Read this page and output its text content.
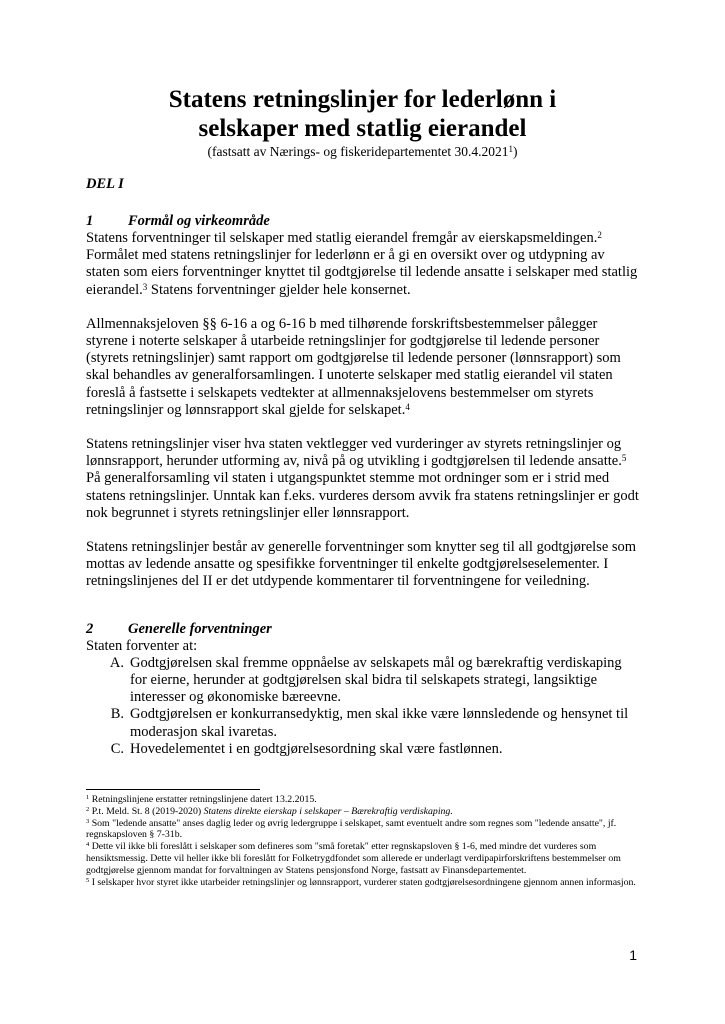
Statens retningslinjer for lederlønn i
selskaper med statlig eierandel
(fastsatt av Nærings- og fiskeridepartementet 30.4.2021$^1$)
DEL I
1	Formål og virkeområde

Statens forventninger til selskaper med statlig eierandel fremgår av eierskapsmeldingen.$^2$ Formålet med statens retningslinjer for lederlønn er å gi en oversikt over og utdypning av staten som eiers forventninger knyttet til godtgjørelse til ledende ansatte i selskaper med statlig eierandel.$^3$ Statens forventninger gjelder hele konsernet.

Allmennaksjeloven §§ 6-16 a og 6-16 b med tilhørende forskriftsbestemmelser pålegger styrene i noterte selskaper å utarbeide retningslinjer for godtgjørelse til ledende personer (styrets retningslinjer) samt rapport om godtgjørelse til ledende personer (lønnsrapport) som skal behandles av generalforsamlingen. I unoterte selskaper med statlig eierandel vil staten foreslå å fastsette i selskapets vedtekter at allmennaksjelovens bestemmelser om styrets retningslinjer og lønnsrapport skal gjelde for selskapet.$^4$

Statens retningslinjer viser hva staten vektlegger ved vurderinger av styrets retningslinjer og lønnsrapport, herunder utforming av, nivå på og utvikling i godtgjørelsen til ledende ansatte.$^5$ På generalforsamling vil staten i utgangspunktet stemme mot ordninger som er i strid med statens retningslinjer. Unntak kan f.eks. vurderes dersom avvik fra statens retningslinjer er godt nok begrunnet i styrets retningslinjer eller lønnsrapport.

Statens retningslinjer består av generelle forventninger som knytter seg til all godtgjørelse som mottas av ledende ansatte og spesifikke forventninger til enkelte godtgjørelseselementer. I retningslinjenes del II er det utdypende kommentarer til forventningene for veiledning.

2	Generelle forventninger

Staten forventer at:

A. Godtgjørelsen skal fremme oppnåelse av selskapets mål og bærekraftig verdiskaping for eierne, herunder at godtgjørelsen skal bidra til selskapets strategi, langsiktige interesser og økonomiske bæreevne.
B. Godtgjørelsen er konkurransedyktig, men skal ikke være lønnsledende og hensynet til moderasjon skal ivaretas.
C. Hovedelementet i en godtgjørelsesordning skal være fastlønnen.
$^1$ Retningslinjene erstatter retningslinjene datert 13.2.2015.
$^2$ P.t. Meld. St. 8 (2019-2020) Statens direkte eierskap i selskaper – Bærekraftig verdiskaping.
$^3$ Som "ledende ansatte" anses daglig leder og øvrig ledergruppe i selskapet, samt eventuelt andre som regnes som "ledende ansatte", jf. regnskapsloven § 7-31b.
$^4$ Dette vil ikke bli foreslått i selskaper som defineres som "små foretak" etter regnskapsloven § 1-6, med mindre det vurderes som hensiktsmessig. Dette vil heller ikke bli foreslått for Folketrygdfondet som allerede er underlagt verdipapirforskriftens bestemmelser om godtgjørelse gjennom mandat for forvaltningen av Statens pensjonsfond Norge, fastsatt av Finansdepartementet.
$^5$ I selskaper hvor styret ikke utarbeider retningslinjer og lønnsrapport, vurderer staten godtgjørelsesordningene gjennom annen informasjon.
1
